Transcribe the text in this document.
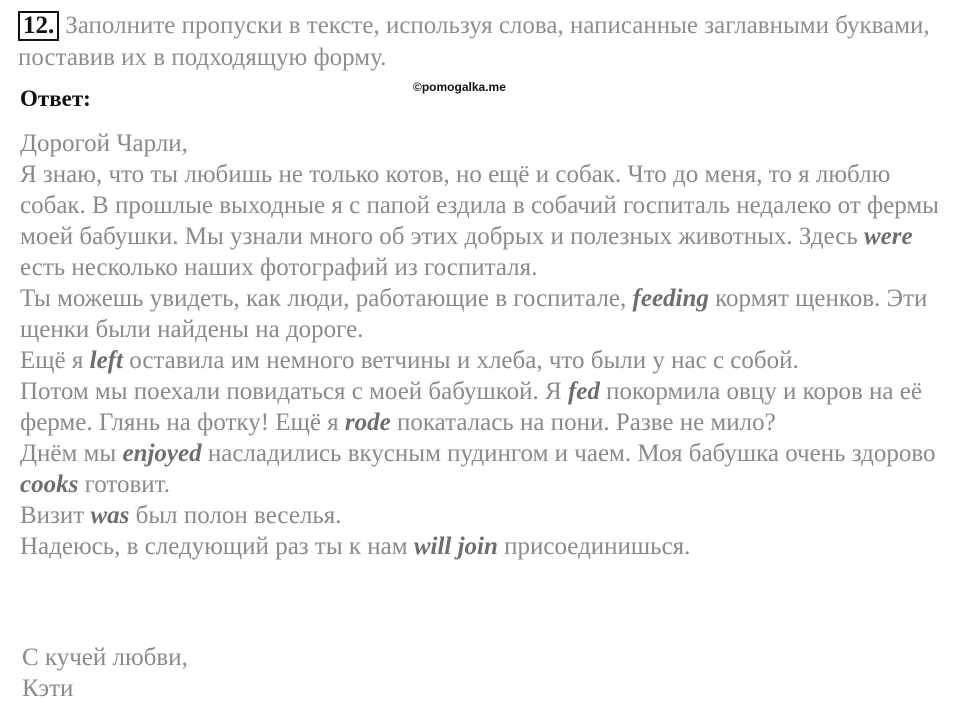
12. Заполните пропуски в тексте, используя слова, написанные заглавными буквами, поставив их в подходящую форму.
Ответ:	©pomogalka.me

Дорогой Чарли,

Я знаю, что ты любишь не только котов, но ещё и собак. Что до меня, то я люблю собак. В прошлые выходные я с папой ездила в собачий госпиталь недалеко от фермы моей бабушки. Мы узнали много об этих добрых и полезных животных. Здесь were есть несколько наших фотографий из госпиталя.

Ты можешь увидеть, как люди, работающие в госпитале, feeding кормят щенков. Эти щенки были найдены на дороге.

Ещё я left оставила им немного ветчины и хлеба, что были у нас с собой.

Потом мы поехали повидаться с моей бабушкой. Я fed покормила овцу и коров на её ферме. Глянь на фотку! Ещё я rode покаталась на пони. Разве не мило?

Днём мы enjoyed насладились вкусным пудингом и чаем. Моя бабушка очень здорово cooks готовит.

Визит was был полон веселья.

Надеюсь, в следующий раз ты к нам will join присоединишься.

С кучей любви,

Кэти
